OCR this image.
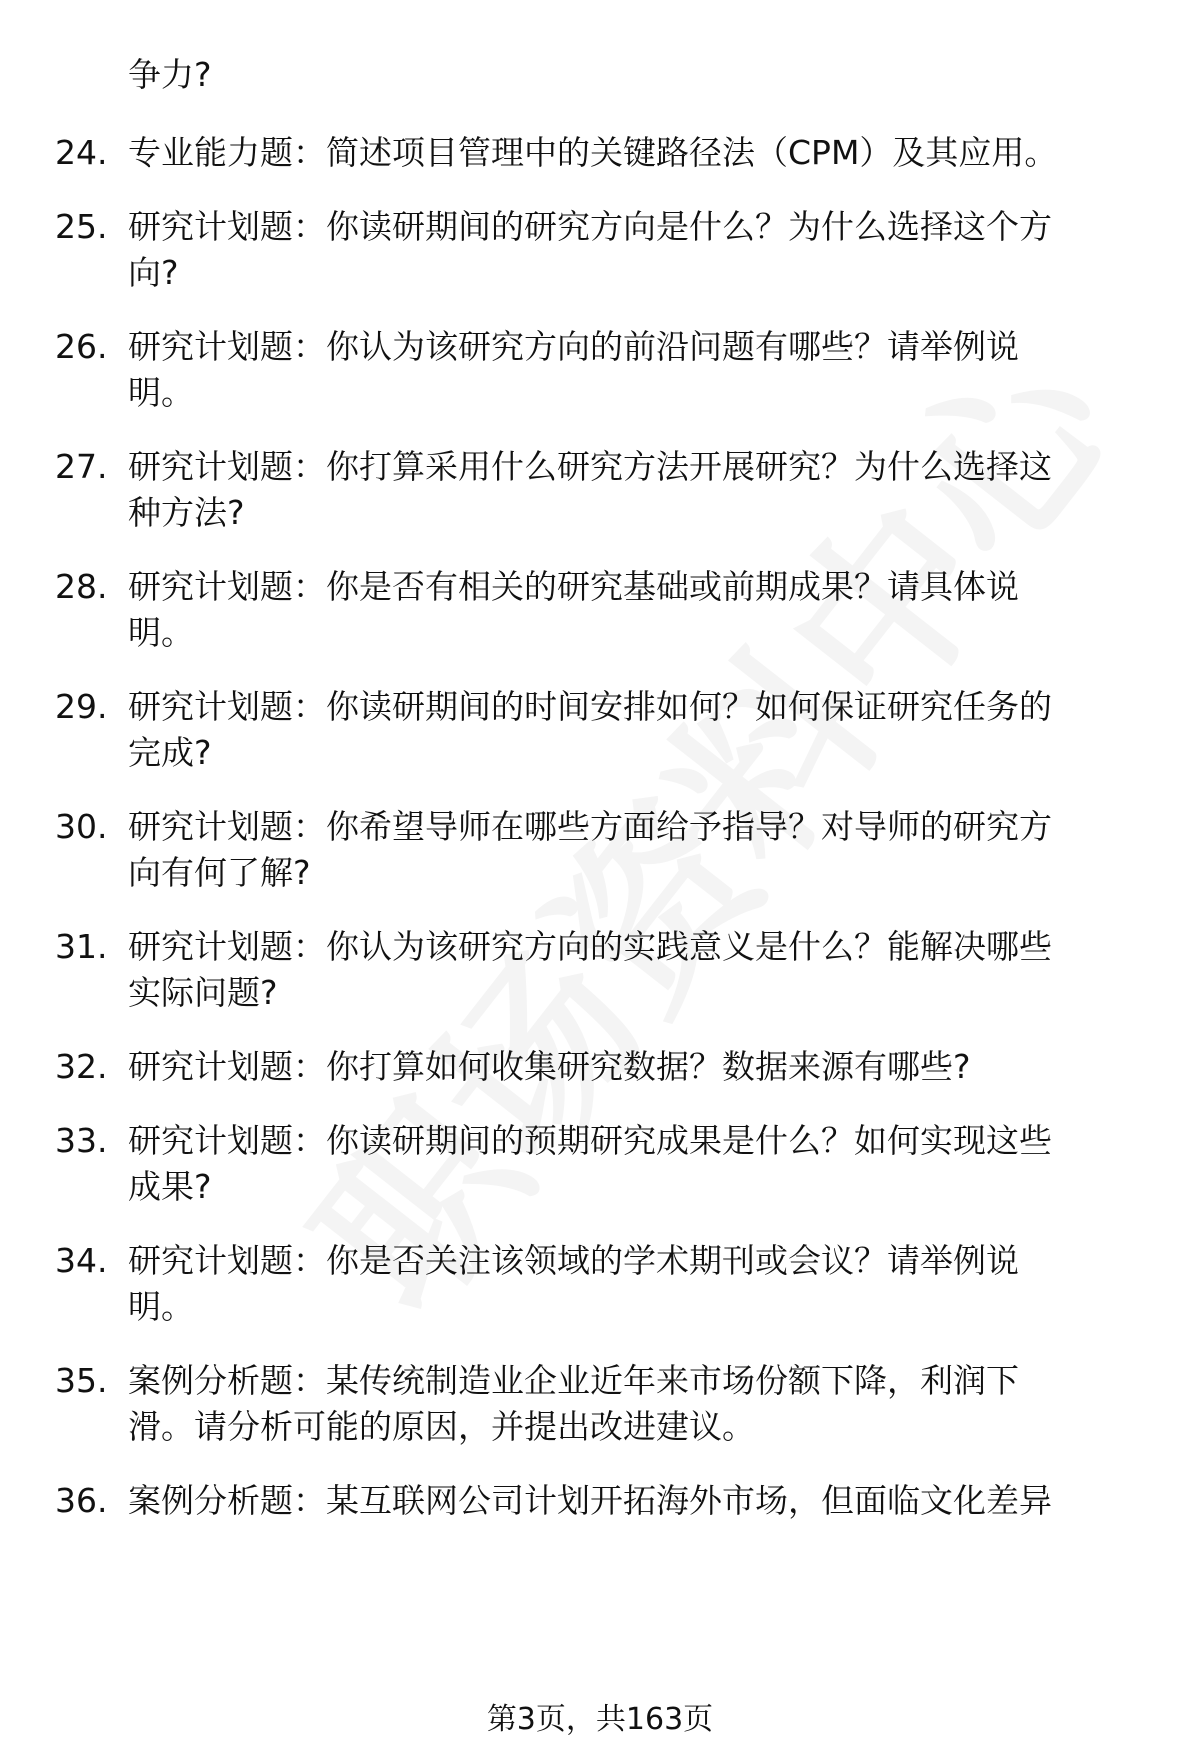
争力?
24. 专业能力题：简述项目管理中的关键路径法（CPM）及其应用。
25. 研究计划题：你读研期间的研究方向是什么？为什么选择这个方
向?
26. 研究计划题：你认为该研究方向的前沿问题有哪些？请举例说
明。
27. 研究计划题：你打算采用什么研究方法开展研究？为什么选择这
种方法?
28. 研究计划题：你是否有相关的研究基础或前期成果？请具体说
明。
29. 研究计划题：你读研期间的时间安排如何？如何保证研究任务的
完成?
30. 研究计划题：你希望导师在哪些方面给予指导？对导师的研究方
向有何了解?
31. 研究计划题：你认为该研究方向的实践意义是什么？能解决哪些
实际问题?
32. 研究计划题：你打算如何收集研究数据？数据来源有哪些?
33. 研究计划题：你读研期间的预期研究成果是什么？如何实现这些
成果?
34. 研究计划题：你是否关注该领域的学术期刊或会议？请举例说
明。
35. 案例分析题：某传统制造业企业近年来市场份额下降，利润下
滑。请分析可能的原因，并提出改进建议。
36. 案例分析题：某互联网公司计划开拓海外市场，但面临文化差异
第3页，共163页
